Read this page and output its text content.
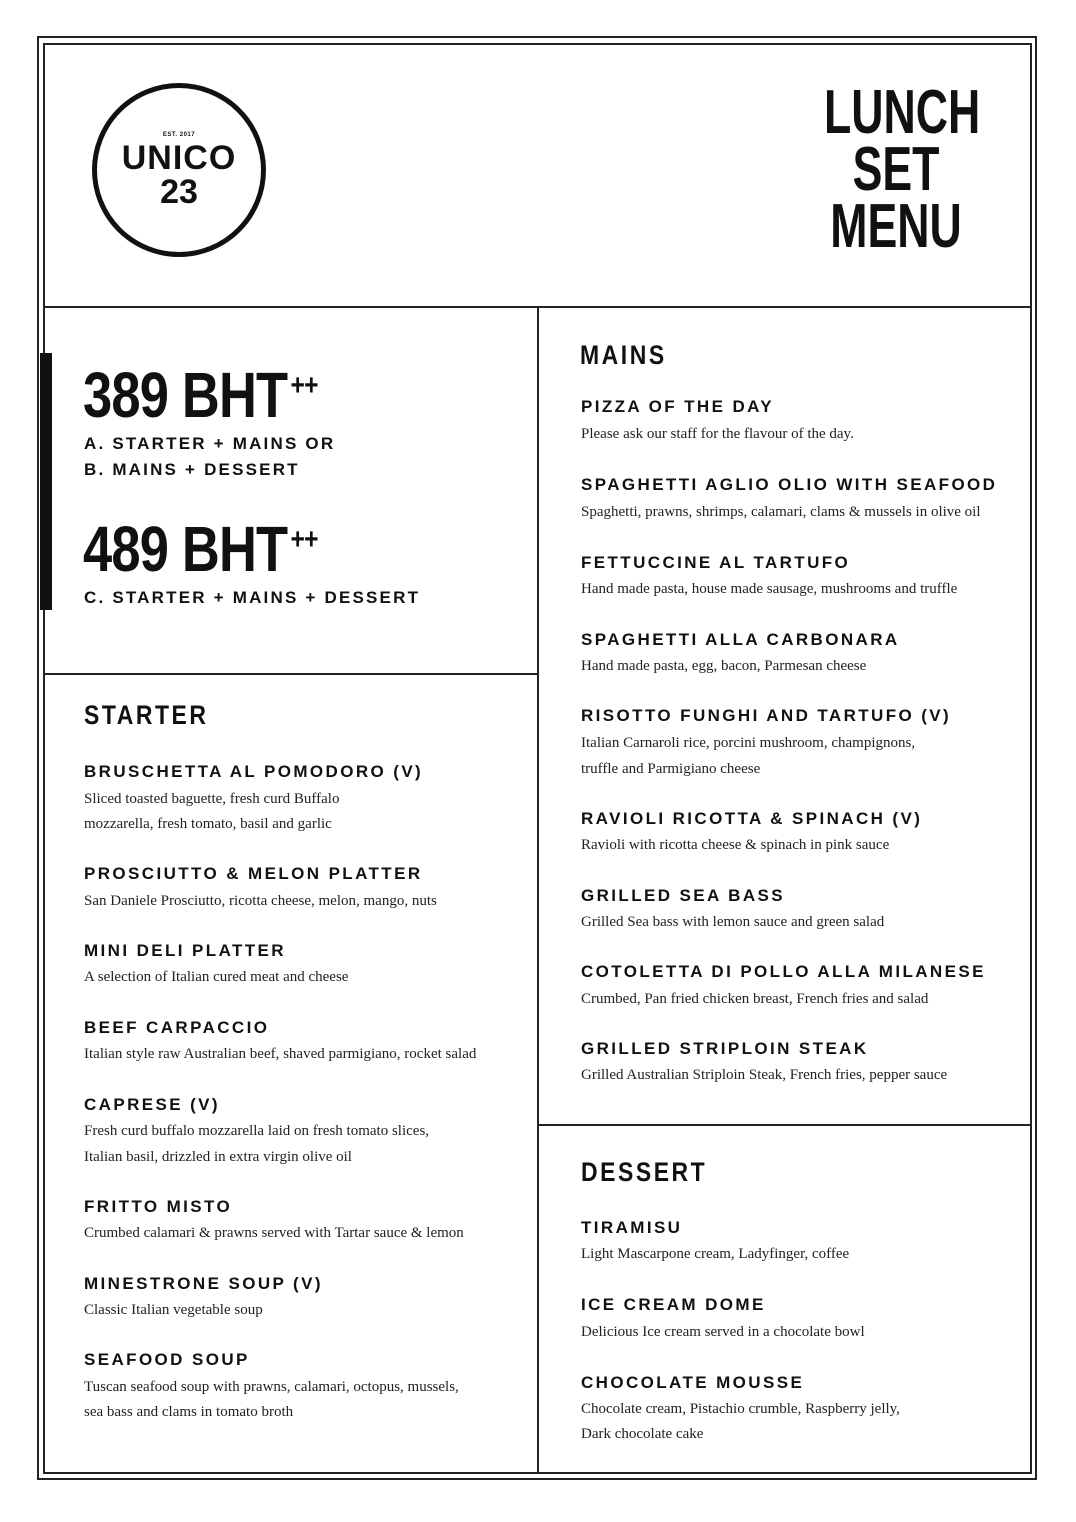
EST. 2017
UNICO
23
LUNCH
SET
MENU
389 BHT ++
A. STARTER + MAINS OR
B. MAINS + DESSERT
489 BHT ++
C. STARTER + MAINS + DESSERT
STARTER
BRUSCHETTA AL POMODORO (V)
Sliced toasted baguette, fresh curd Buffalo
mozzarella, fresh tomato, basil and garlic
PROSCIUTTO & MELON PLATTER
San Daniele Prosciutto, ricotta cheese, melon, mango, nuts
MINI DELI PLATTER
A selection of Italian cured meat and cheese
BEEF CARPACCIO
Italian style raw Australian beef, shaved parmigiano, rocket salad
CAPRESE (V)
Fresh curd buffalo mozzarella laid on fresh tomato slices,
Italian basil, drizzled in extra virgin olive oil
FRITTO MISTO
Crumbed calamari & prawns served with Tartar sauce & lemon
MINESTRONE SOUP (V)
Classic Italian vegetable soup
SEAFOOD SOUP
Tuscan seafood soup with prawns, calamari, octopus, mussels,
sea bass and clams in tomato broth
MAINS
PIZZA OF THE DAY
Please ask our staff for the flavour of the day.
SPAGHETTI AGLIO OLIO WITH SEAFOOD
Spaghetti, prawns, shrimps, calamari, clams & mussels in olive oil
FETTUCCINE AL TARTUFO
Hand made pasta, house made sausage, mushrooms and truffle
SPAGHETTI ALLA CARBONARA
Hand made pasta, egg, bacon, Parmesan cheese
RISOTTO FUNGHI AND TARTUFO (V)
Italian Carnaroli rice, porcini mushroom, champignons,
truffle and Parmigiano cheese
RAVIOLI RICOTTA & SPINACH (V)
Ravioli with ricotta cheese & spinach in pink sauce
GRILLED SEA BASS
Grilled Sea bass with lemon sauce and green salad
COTOLETTA DI POLLO ALLA MILANESE
Crumbed, Pan fried chicken breast, French fries and salad
GRILLED STRIPLOIN STEAK
Grilled Australian Striploin Steak, French fries, pepper sauce
DESSERT
TIRAMISU
Light Mascarpone cream, Ladyfinger, coffee
ICE CREAM DOME
Delicious Ice cream served in a chocolate bowl
CHOCOLATE MOUSSE
Chocolate cream, Pistachio crumble, Raspberry jelly,
Dark chocolate cake
